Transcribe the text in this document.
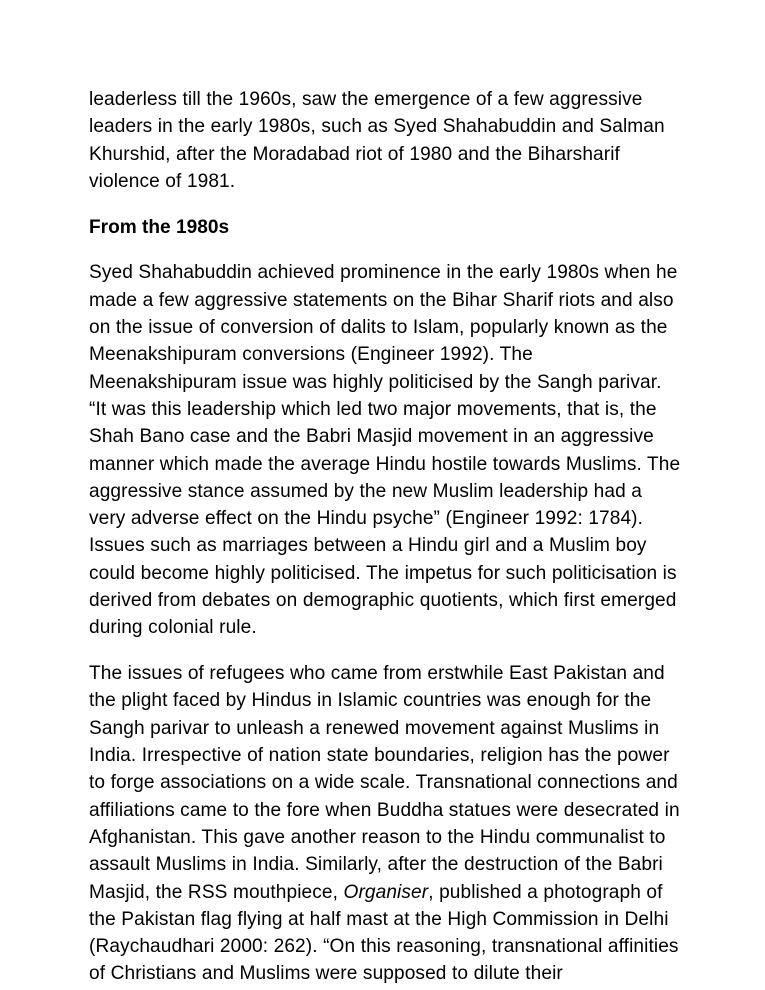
leaderless till the 1960s, saw the emergence of a few aggressive leaders in the early 1980s, such as Syed Shahabuddin and Salman Khurshid, after the Moradabad riot of 1980 and the Biharsharif violence of 1981.

From the 1980s

Syed Shahabuddin achieved prominence in the early 1980s when he made a few aggressive statements on the Bihar Sharif riots and also on the issue of conversion of dalits to Islam, popularly known as the Meenakshipuram conversions (Engineer 1992). The Meenakshipuram issue was highly politicised by the Sangh parivar. “It was this leadership which led two major movements, that is, the Shah Bano case and the Babri Masjid movement in an aggressive manner which made the average Hindu hostile towards Muslims. The aggressive stance assumed by the new Muslim leadership had a very adverse effect on the Hindu psyche” (Engineer 1992: 1784). Issues such as marriages between a Hindu girl and a Muslim boy could become highly politicised. The impetus for such politicisation is derived from debates on demographic quotients, which first emerged during colonial rule.

The issues of refugees who came from erstwhile East Pakistan and the plight faced by Hindus in Islamic countries was enough for the Sangh parivar to unleash a renewed movement against Muslims in India. Irrespective of nation state boundaries, religion has the power to forge associations on a wide scale. Transnational connections and affiliations came to the fore when Buddha statues were desecrated in Afghanistan. This gave another reason to the Hindu communalist to assault Muslims in India. Similarly, after the destruction of the Babri Masjid, the RSS mouthpiece, Organiser, published a photograph of the Pakistan flag flying at half mast at the High Commission in Delhi (Raychaudhari 2000: 262). “On this reasoning, transnational affinities of Christians and Muslims were supposed to dilute their
